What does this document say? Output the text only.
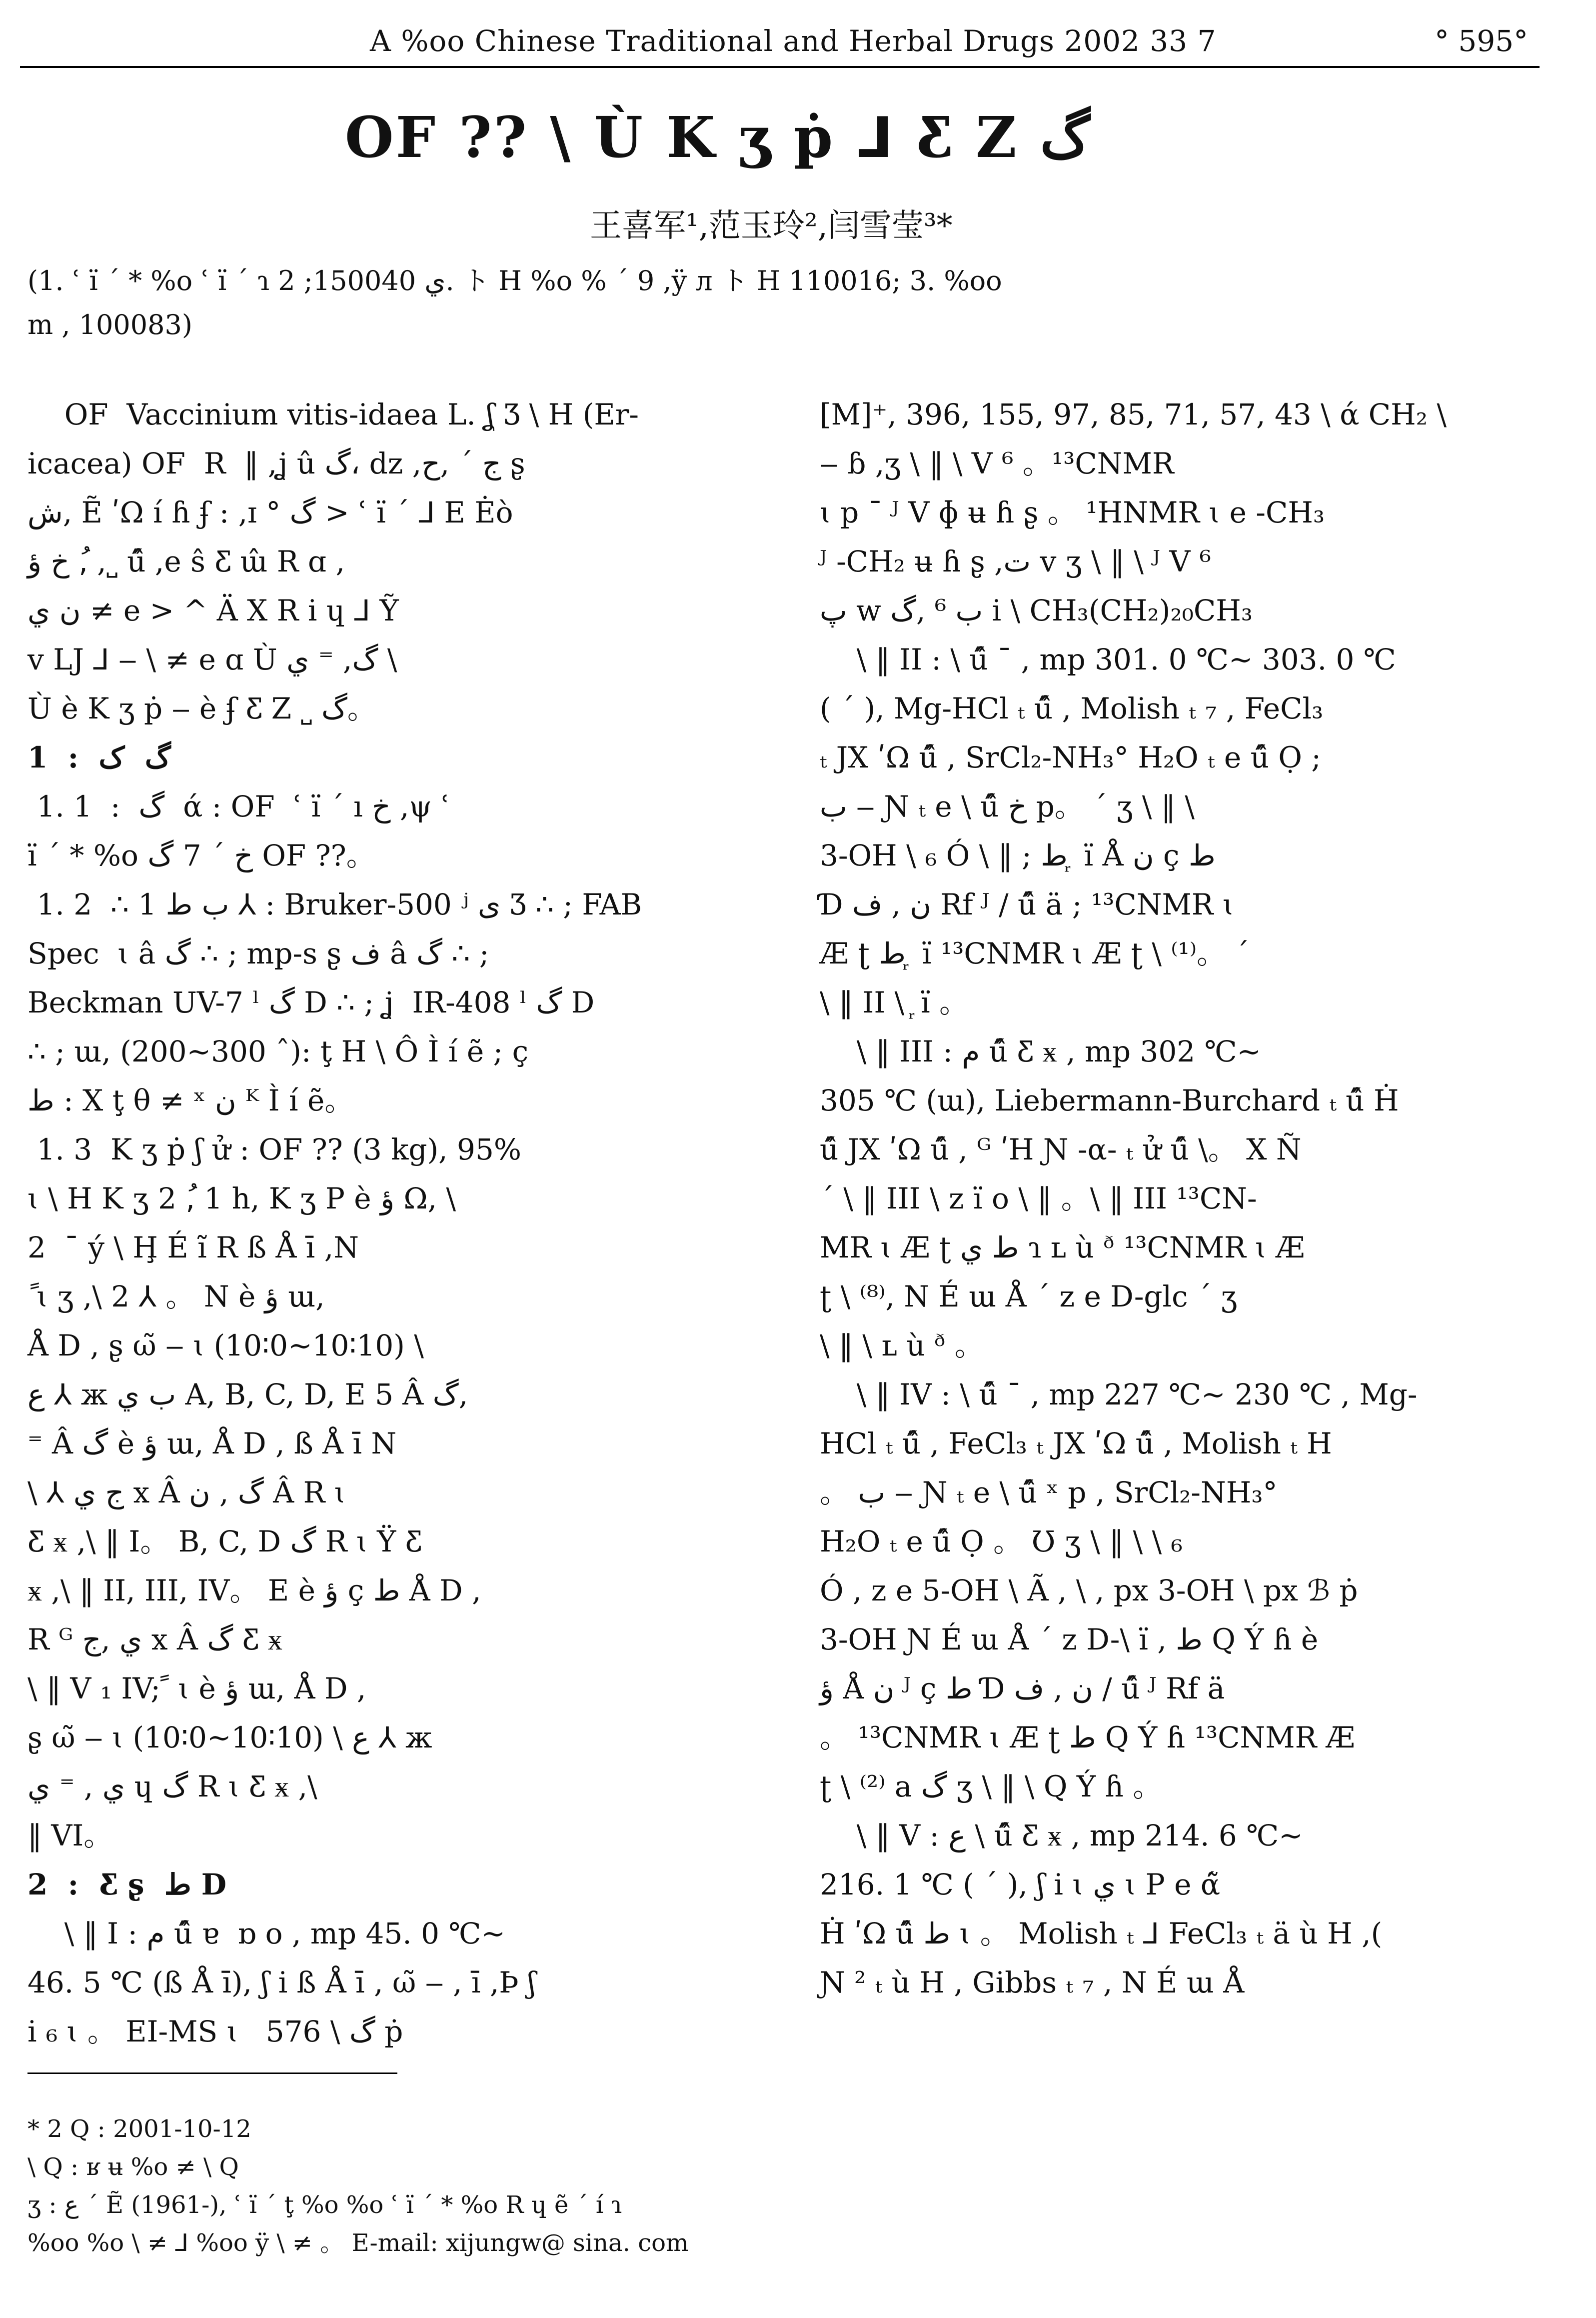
A %oo Chinese Traditional and Herbal Drugs 2002 33 7	° 595°
OF ?? \ Ù K ʒ ṗ ⅃ Ƹ Z گ
王喜军¹,范玉玲²,闫雪莹³*
(1. ʿ ï ´ * %o ʿ ï ´ ɿ ي 150040; 2. ト H %o % ´ 9 ,ÿ л ト H 110016; 3. %oo
m , 100083)

OF  Vaccinium vitis-idaea L. ʆ Ʒ \ H (Er-

icacea) OF  R  ‖ ,ʝ û گ، dz ,ج ´ ,ح ʂ

ش, Ẽ ʹΩ í ɦ ʄ : ,ɪ ° گ > ʿ ï ´ ⅃ E Ėò

خ ؤ ,ُ ,˽ ű̂ ,e ŝ Ƹ ɯ̂ R ɑ ,

ن ي ≠ e > ^ Ä X R i ɥ ⅃ Ỹ

v LJ ⅃ ‒ \ ≠ e ɑ Ù گ, ⁼ ي \

Ù è K ʒ ṗ ‒ è ʄ Ƹ Z ˽ گ。

1  :  گ  ک

1. 1  :  گ  ά : OF  ʿ ï ´ ı خ ,ψ ʿ

ï ´ * %o خ ´ 7 گ OF ??。

1. 2  ∴ ب ﻁ 1 ⅄ : Bruker-500 ʲ ى Ʒ ∴ ; FAB

Spec  ɩ â گ ∴ ; mp-s ʂ ف â گ ∴ ;

Beckman UV-7 ˡ گ D ∴ ; ʝ  IR-408 ˡ گ D

∴ ; ɯ, (200~300 ˆ): ţ H \ Ô Ì í ẽ ; ç

ط : X ţ θ ≠ ˣ ن ᴷ Ì í ẽ。

1. 3  K ʒ ṗ ʃ ử : OF ?? (3 kg), 95%

ɩ \ H K ʒ 2 ,ُ 1 h, K ʒ P è ؤ Ω, \

2  ˉ ý \ Ḩ É ĩ R ß Å ī ,N

ً ɩ ʒ ,\ 2 ⅄ 。 N è ؤ ɯ,

Å D , ʂ ω̃ ‒ ɩ (10∶0~10∶10) \

ع ⅄ ж ب ي A, B, C, D, E 5 Â گ,

⁼ Â گ è ؤ ɯ, Å D , ß Å ī N

\ ⅄ ج ي x Â گ , ن Â R ɩ

Ƹ ӿ ,\ ‖ I。 B, C, D گ R ɩ Ÿ Ƹ

ӿ ,\ ‖ II, III, IV。 E è ؤ ç ط Å D ,

R ᴳ ي ,ج x Â گ Ƹ ӿ

\ ‖ V ₁ IV; ً ɩ è ؤ ɯ, Å D ,

ʂ ω̃ ‒ ɩ (10∶0~10∶10) \ ع ⅄ ж

ي , ⁼ ي ɥ گ R ɩ Ƹ ӿ ,\

‖ VI。

2  :  Ƹ ʂ  ﻁ D

\ ‖ I : م ű̂ ɐ  ɒ ο , mp 45. 0 ℃~

46. 5 ℃ (ß Å ī), ʃ i ß Å ī , ω̃ ‒ , ī ,Þ ʃ

i ₆ ɩ 。 EI-MS ɩ   576 \ گ ṗ

[M]⁺, 396, 155, 97, 85, 71, 57, 43 \ ά CH₂ \

‒ ɓ ,ʒ \ ‖ \ V ⁶ 。¹³CNMR

ɩ p ˉ ᴶ V ɸ ʉ ɦ ʂ 。 ¹HNMR ɩ e -CH₃

ᴶ -CH₂ ʉ ɦ ʂ ,ت v ʒ \ ‖ \ ᴶ V ⁶

پ w ب ⁶ ,گ i \ CH₃(CH₂)₂₀CH₃

\ ‖ II : \ ű̂ ˉ , mp 301. 0 ℃~ 303. 0 ℃

( ´ ), Mg-HCl ₜ ű̂ , Molish ₜ ₇ , FeCl₃

ₜ JX ʹΩ ű̂ , SrCl₂-NH₃° H₂O ₜ e ű̂ Ọ ;

ب ‒ Ɲ ₜ e \ ű̂ خ p。 ´ ʒ \ ‖ \

3-OH \ ₆ Ó \ ‖ ; ﻁ ᷊ ï Å ن ç ط

Ɗ ن , ف Rf ᴶ / ű̂ ä ; ¹³CNMR ɩ

Æ ʈ ﻁ ᷊ ï ¹³CNMR ɩ Æ ʈ \ ⁽¹⁾。 ´

\ ‖ II \ ᷊ ï 。

\ ‖ III : م ű̂ Ƹ ӿ , mp 302 ℃~

305 ℃ (ɯ), Liebermann-Burchard ₜ ű̂ Ḣ

ű̂ JX ʹΩ ű̂ , ᴳ ʹH Ɲ -α- ₜ ử ű̂ \。 X Ñ

´ \ ‖ III \ z ï ο \ ‖ 。\ ‖ III ¹³CN-

MR ɩ Æ ʈ ﻁ ي ɿ ʟ ù ᶞ ¹³CNMR ɩ Æ

ʈ \ ⁽⁸⁾, N É ɯ Å ´ z e D-glc ´ ʒ

\ ‖ \ ʟ ù ᶞ 。

\ ‖ IV : \ ű̂ ˉ , mp 227 ℃~ 230 ℃ , Mg-

HCl ₜ ű̂ , FeCl₃ ₜ JX ʹΩ ű̂ , Molish ₜ H

。 ب ‒ Ɲ ₜ e \ ű̂ ˣ p , SrCl₂-NH₃°

H₂O ₜ e ű̂ Ọ 。 Ʊ ʒ \ ‖ \ \ ₆

Ó , z e 5-OH \ Ã , \ , px 3-OH \ px ℬ ṗ

3-OH Ɲ É ɯ Å ´ z D-\ ï , ﻁ Q Ý ɦ è

ؤ Å ن ᴶ ç ط Ɗ ن , ف / ű̂ ᴶ Rf ä

。 ¹³CNMR ɩ Æ ʈ ﻁ Q Ý ɦ ¹³CNMR Æ

ʈ \ ⁽²⁾ a گ ʒ \ ‖ \ Q Ý ɦ 。

\ ‖ V : ع \ ű̂ Ƹ ӿ , mp 214. 6 ℃~

216. 1 ℃ ( ´ ), ʃ i ɩ ي ɩ P e ά̃

Ḣ ʹΩ ű̂ ﻁ ɩ 。 Molish ₜ ⅃ FeCl₃ ₜ ä ù H ,(

Ɲ ² ₜ ù H , Gibbs ₜ ₇ , N É ɯ Å

* 2 Q : 2001-10-12

\ Q : ʁ ʉ %o ≠ \ Q

ʒ : ع ´ Ẽ (1961-), ʿ ï ´ ţ %o %o ʿ ï ´ * %o R ɥ ẽ ´ í ɿ

%oo %o \ ≠ ⅃ %oo ÿ \ ≠ 。 E-mail: xijungw@ sina. com
